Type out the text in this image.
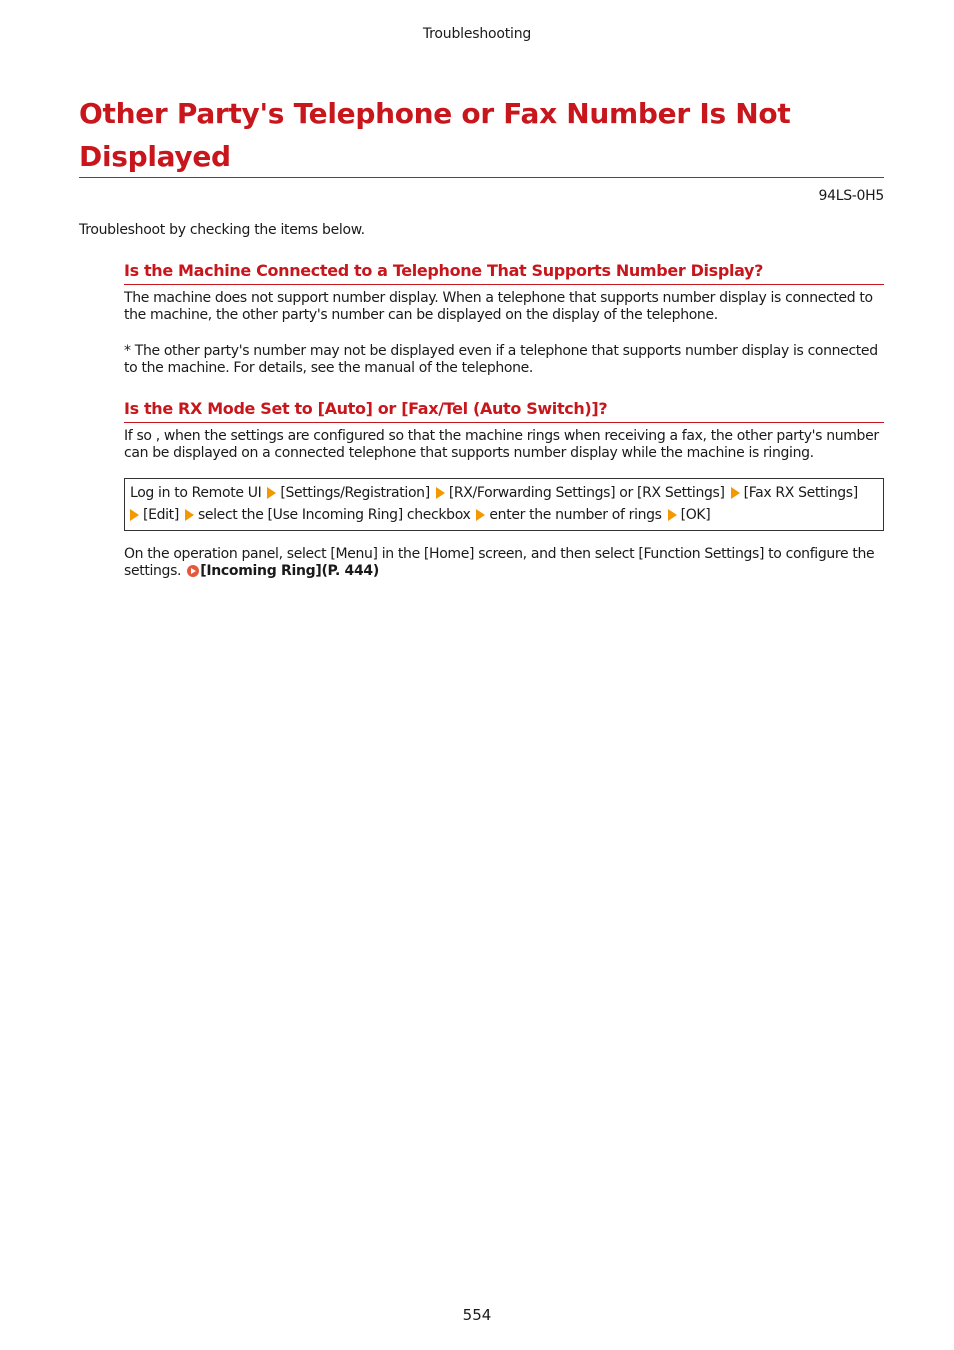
Troubleshooting
Other Party's Telephone or Fax Number Is Not Displayed
94LS-0H5
Troubleshoot by checking the items below.
Is the Machine Connected to a Telephone That Supports Number Display?

The machine does not support number display. When a telephone that supports number display is connected to the machine, the other party's number can be displayed on the display of the telephone.

* The other party's number may not be displayed even if a telephone that supports number display is connected to the machine. For details, see the manual of the telephone.

Is the RX Mode Set to [Auto] or [Fax/Tel (Auto Switch)]?

If so , when the settings are configured so that the machine rings when receiving a fax, the other party's number can be displayed on a connected telephone that supports number display while the machine is ringing.

Log in to Remote UI [Settings/Registration] [RX/Forwarding Settings] or [RX Settings] [Fax RX Settings]
[Edit] select the [Use Incoming Ring] checkbox enter the number of rings [OK]

On the operation panel, select [Menu] in the [Home] screen, and then select [Function Settings] to configure the settings. [Incoming Ring](P. 444)

554
